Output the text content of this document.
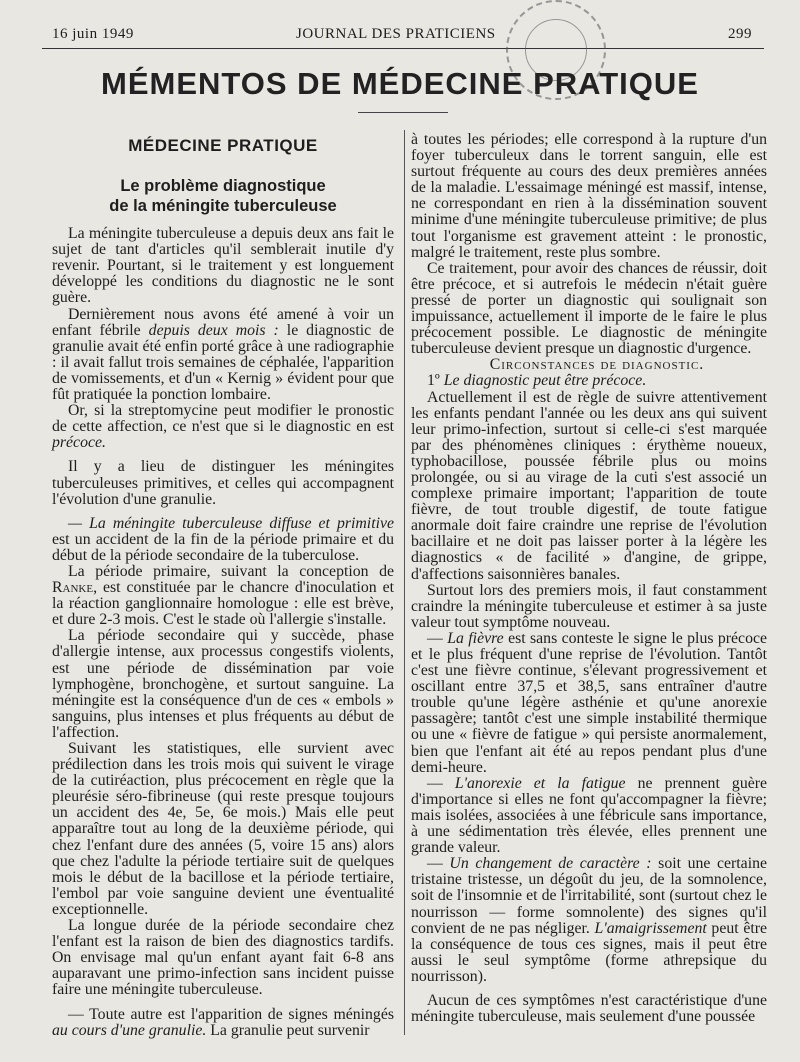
16 juin 1949	JOURNAL DES PRATICIENS	299
MÉMENTOS DE MÉDECINE PRATIQUE
MÉDECINE PRATIQUE
Le problème diagnostique
de la méningite tuberculeuse

La méningite tuberculeuse a depuis deux ans fait le sujet de tant d'articles qu'il semblerait inutile d'y revenir. Pourtant, si le traitement y est longuement développé les conditions du diagnostic ne le sont guère.

Dernièrement nous avons été amené à voir un enfant fébrile depuis deux mois : le diagnostic de granulie avait été enfin porté grâce à une radiographie : il avait fallut trois semaines de céphalée, l'apparition de vomissements, et d'un « Kernig » évident pour que fût pratiquée la ponction lombaire.

Or, si la streptomycine peut modifier le pronostic de cette affection, ce n'est que si le diagnostic en est précoce.

Il y a lieu de distinguer les méningites tuberculeuses primitives, et celles qui accompagnent l'évolution d'une granulie.

— La méningite tuberculeuse diffuse et primitive est un accident de la fin de la période primaire et du début de la période secondaire de la tuberculose.

La période primaire, suivant la conception de Ranke, est constituée par le chancre d'inoculation et la réaction ganglionnaire homologue : elle est brève, et dure 2-3 mois. C'est le stade où l'allergie s'installe.

La période secondaire qui y succède, phase d'allergie intense, aux processus congestifs violents, est une période de dissémination par voie lymphogène, bronchogène, et surtout sanguine. La méningite est la conséquence d'un de ces « embols » sanguins, plus intenses et plus fréquents au début de l'affection.

Suivant les statistiques, elle survient avec prédilection dans les trois mois qui suivent le virage de la cutiréaction, plus précocement en règle que la pleurésie séro-fibrineuse (qui reste presque toujours un accident des 4e, 5e, 6e mois.) Mais elle peut apparaître tout au long de la deuxième période, qui chez l'enfant dure des années (5, voire 15 ans) alors que chez l'adulte la période tertiaire suit de quelques mois le début de la bacillose et la période tertiaire, l'embol par voie sanguine devient une éventualité exceptionnelle.

La longue durée de la période secondaire chez l'enfant est la raison de bien des diagnostics tardifs. On envisage mal qu'un enfant ayant fait 6-8 ans auparavant une primo-infection sans incident puisse faire une méningite tuberculeuse.

— Toute autre est l'apparition de signes méningés au cours d'une granulie. La granulie peut survenir

à toutes les périodes; elle correspond à la rupture d'un foyer tuberculeux dans le torrent sanguin, elle est surtout fréquente au cours des deux premières années de la maladie. L'essaimage méningé est massif, intense, ne correspondant en rien à la dissémination souvent minime d'une méningite tuberculeuse primitive; de plus tout l'organisme est gravement atteint : le pronostic, malgré le traitement, reste plus sombre.

Ce traitement, pour avoir des chances de réussir, doit être précoce, et si autrefois le médecin n'était guère pressé de porter un diagnostic qui soulignait son impuissance, actuellement il importe de le faire le plus précocement possible. Le diagnostic de méningite tuberculeuse devient presque un diagnostic d'urgence.

Circonstances de diagnostic.

1º Le diagnostic peut être précoce.

Actuellement il est de règle de suivre attentivement les enfants pendant l'année ou les deux ans qui suivent leur primo-infection, surtout si celle-ci s'est marquée par des phénomènes cliniques : érythème noueux, typhobacillose, poussée fébrile plus ou moins prolongée, ou si au virage de la cuti s'est associé un complexe primaire important; l'apparition de toute fièvre, de tout trouble digestif, de toute fatigue anormale doit faire craindre une reprise de l'évolution bacillaire et ne doit pas laisser porter à la légère les diagnostics « de facilité » d'angine, de grippe, d'affections saisonnières banales.

Surtout lors des premiers mois, il faut constamment craindre la méningite tuberculeuse et estimer à sa juste valeur tout symptôme nouveau.

— La fièvre est sans conteste le signe le plus précoce et le plus fréquent d'une reprise de l'évolution. Tantôt c'est une fièvre continue, s'élevant progressivement et oscillant entre 37,5 et 38,5, sans entraîner d'autre trouble qu'une légère asthénie et qu'une anorexie passagère; tantôt c'est une simple instabilité thermique ou une « fièvre de fatigue » qui persiste anormalement, bien que l'enfant ait été au repos pendant plus d'une demi-heure.

— L'anorexie et la fatigue ne prennent guère d'importance si elles ne font qu'accompagner la fièvre; mais isolées, associées à une fébricule sans importance, à une sédimentation très élevée, elles prennent une grande valeur.

— Un changement de caractère : soit une certaine tristaine tristesse, un dégoût du jeu, de la somnolence, soit de l'insomnie et de l'irritabilité, sont (surtout chez le nourrisson — forme somnolente) des signes qu'il convient de ne pas négliger. L'amaigrissement peut être la conséquence de tous ces signes, mais il peut être aussi le seul symptôme (forme athrepsique du nourrisson).

Aucun de ces symptômes n'est caractéristique d'une méningite tuberculeuse, mais seulement d'une poussée
